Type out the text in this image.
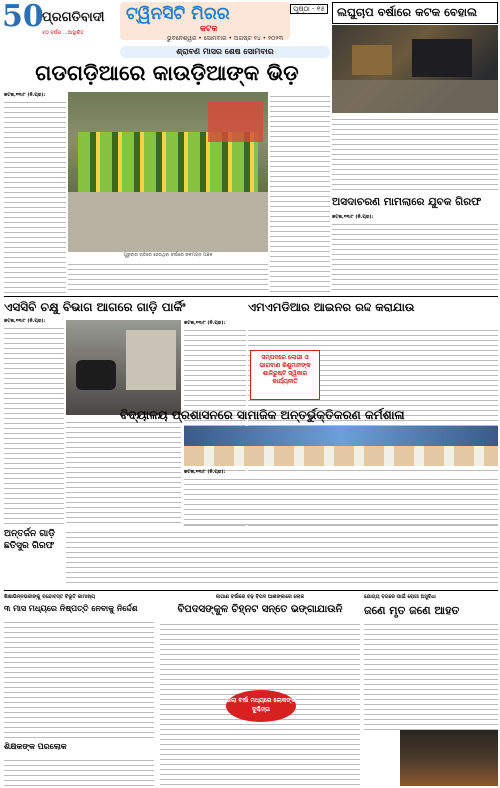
50
ପ୍ରଗତିବାଦୀ
୫୦ ବର୍ଷର ...ଆସ୍ଥାରିତ
ଟ୍ୱିନସିଟି ମିରର
କଟକ
ପୃଷ୍ଠା - ୧୫
ଭୁବନେଶ୍ୱର • ସୋମବାର • ଅଗଷ୍ଟ ୧୪ • ୨୦୨୩
ଲଘୁଚାପ ବର୍ଷାରେ କଟକ ବେହାଲ
ଶ୍ରାବଣ ମାସର ଶେଷ ସୋମବାର
ଗଡଗଡ଼ିଆରେ କାଉଡ଼ିଆଙ୍କ ଭିଡ଼
କଟକ,୧୩/୮ (ନି.ପ୍ର):
ଗୁରୁବାର ରାତିରେ ହେଉଥିବା ବର୍ଷାରେ ଜଳମଗ୍ନ ଅଞ୍ଚଳ
ଅସଦାଚରଣ ମାମଲାରେ ଯୁବକ ଗିରଫ
କଟକ,୧୩/୮ (ନି.ପ୍ର):
ଏସସିବି ଚକ୍ଷୁ ବିଭାଗ ଆଗରେ ଗାଡ଼ି ପାର୍କିଂ
କଟକ,୧୩/୮ (ନି.ପ୍ର):
ଏମଏମଡିଆର ଆଇନର ରଦ୍ଦ କରାଯାଉ
କଟକ,୧୩/୮ (ନି.ପ୍ର):
ସମ୍ପଦରେ ଲୋଭୀ ଓ ଭାଗବାଣ ଶିଶୁମାନଙ୍କ ଶାଳିରୁଷ୍ଟି ସ୍ୱିକାର କାର୍ଯ୍ୟନୀତି
ବିଦ୍ୟାଳୟ ପ୍ରଶାସନରେ ସାମାଜିକ ଅନ୍ତର୍ଭୁକ୍ତିକରଣ କର୍ମଶାଳା
କଟକ,୧୩/୮ (ନି.ପ୍ର):
ଅନ୍ତର୍ଜନ ଗାଡ଼ି ଛତିସୁର ଗିରଫ
ଶିକ୍ଷାଭିନ୍ନଭରୀଙ୍କୁ ବନ୍ଦୋବସ୍ତ ବିଭୂତି କାମାଖ୍ୟ
୩ ମାସ ମଧ୍ୟରେ ନିଷ୍ପତ୍ତି ନେବାକୁ ନିର୍ଦ୍ଦେଶ
ଶିକ୍ଷକଙ୍କ ପରଲୋକ
ଲଗାଣ ବର୍ଷାରେ ବଢ଼ ବିପଦ ଆଶଙ୍କାରେ ଲୋକ
ବିପଦସଙ୍କୁଳ ଚିହ୍ନଟ ସନ୍ତେ ଭଙ୍ଗାଯାଉନି
ଭଲା ବର୍ଷା ମଧ୍ୟରେ ଲୋକଙ୍କ ଦୁଶ୍ଚିନ୍ତା
ଯୋଗ୍ୟ ବଗରେ ପାଇଁ ରୋଗୀ ଅସୁବିଧା
ଜଣେ ମୃତ ଜଣେ ଆହତ
